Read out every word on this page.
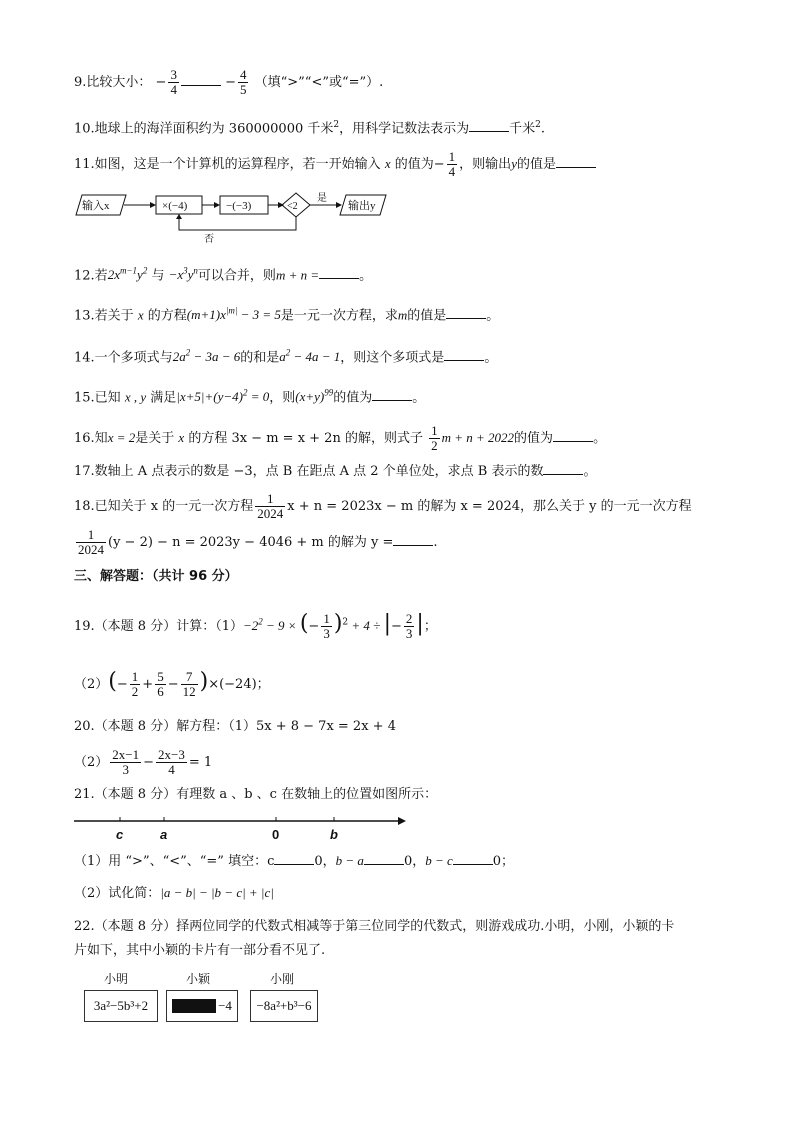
9.比较大小： − $\frac{3}{4}$	− $\frac{4}{5}$ （填“>”“<”或“=”）.
10.地球上的海洋面积约为 360000000 千米$^2$，用科学记数法表示为	千米$^2$.
11.如图，这是一个计算机的运算程序，若一开始输入 x 的值为− $\frac{1}{4}$ ，则输出y的值是
输入x	×(−4)	−(−3)	<2	输出y
是
否
12.若$2x^{m-1}y^2$ 与 $-x^3y^n$可以合并，则m + n =	。
13.若关于 x 的方程$(m+1)x^{|m|} - 3 = 5$是一元一次方程，求m的值是	。
14.一个多项式与$2a^2 - 3a - 6$的和是$a^2 - 4a - 1$，则这个多项式是	。
15.已知 x , y 满足$|x+5|+(y-4)^2 = 0$，则$(x+y)^{99}$的值为	。
16.知x = 2是关于 x 的方程 3x − m = x + 2n 的解，则式子 $\frac{1}{2}$ m + n + 2022的值为	。
17.数轴上 A 点表示的数是 −3，点 B 在距点 A 点 2 个单位处，求点 B 表示的数	。
18.已知关于 x 的一元一次方程 $\frac{1}{2024}$ x + n = 2023x − m 的解为 x = 2024，那么关于 y 的一元一次方程
$\frac{1}{2024} (y - 2) - n = 2023y - 4046 + m$ 的解为 y =	.
三、解答题：（共计 96 分）
19.（本题 8 分）计算：$(1)-2^2 - 9$ × (− $\frac{1}{3} )^2 + 4$ ÷ |− $\frac{2}{3}$ |；
$(2)(- \frac{1}{2} + \frac{5}{6} - \frac{7}{12} )\times(-24)$；
20.（本题 8 分）解方程：（1）5x + 8 − 7x = 2x + 4
$(2) \frac{2x-1}{3} - \frac{2x-3}{4} = 1$
21.（本题 8 分）有理数 a 、b 、c 在数轴上的位置如图所示：
c	a	0	b
（1）用 “>”、“<”、“=” 填空：c	0，b − a	0，b − c	0；
（2）试化简：|a − b| − |b − c| + |c|
22.（本题 8 分）择两位同学的代数式相减等于第三位同学的代数式，则游戏成功.小明，小刚，小颖的卡
片如下，其中小颖的卡片有一部分看不见了.
小明	小颖	小刚
3a²−5b³+2	−4 −8a²+b³−6
